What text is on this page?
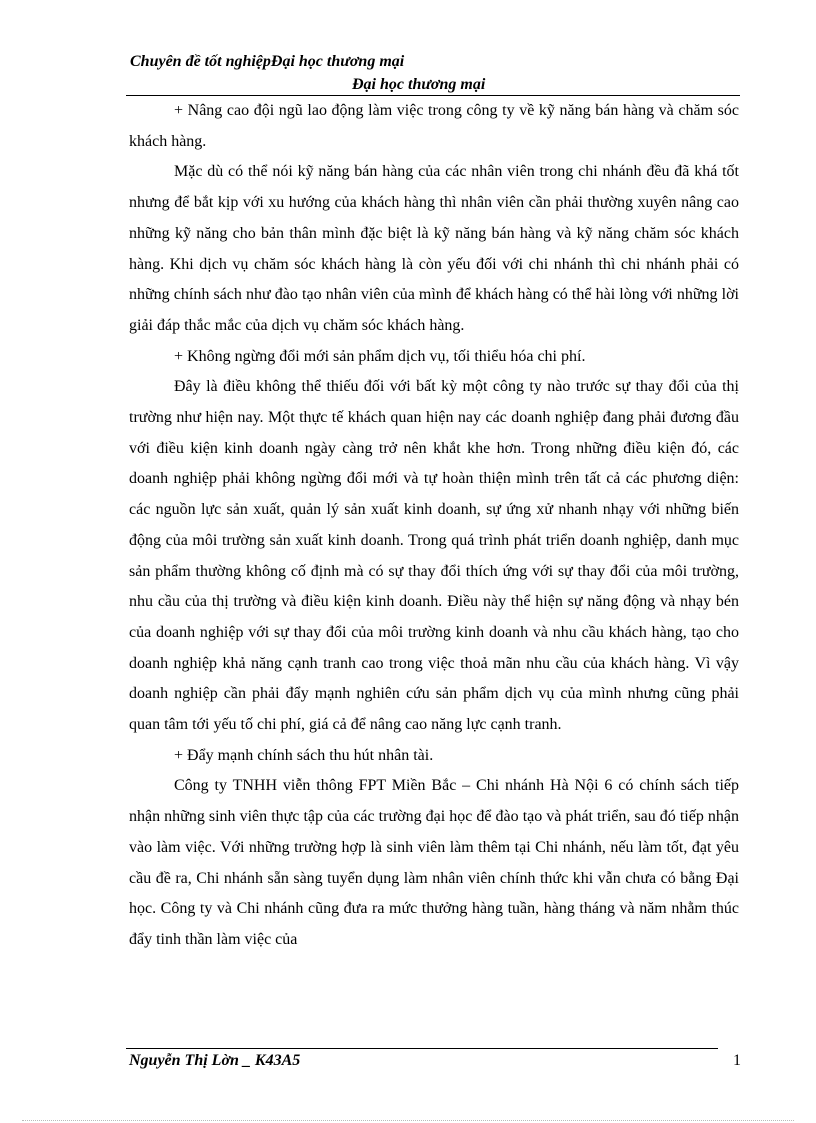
Chuyên đề tốt nghiệpĐại học thương mại
Đại học thương mại

+ Nâng cao đội ngũ lao động làm việc trong công ty về kỹ năng bán hàng và chăm sóc khách hàng.

Mặc dù có thể nói kỹ năng bán hàng của các nhân viên trong chi nhánh đều đã khá tốt nhưng để bắt kịp với xu hướng của khách hàng thì nhân viên cần phải thường xuyên nâng cao những kỹ năng cho bản thân mình đặc biệt là kỹ năng bán hàng và kỹ năng chăm sóc khách hàng. Khi dịch vụ chăm sóc khách hàng là còn yếu đối với chi nhánh thì chi nhánh phải có những chính sách như đào tạo nhân viên của mình để khách hàng có thể hài lòng với những lời giải đáp thắc mắc của dịch vụ chăm sóc khách hàng.

+ Không ngừng đổi mới sản phẩm dịch vụ, tối thiểu hóa chi phí.

Đây là điều không thể thiếu đối với bất kỳ một công ty nào trước sự thay đổi của thị trường như hiện nay. Một thực tế khách quan hiện nay các doanh nghiệp đang phải đương đầu với điều kiện kinh doanh ngày càng trở nên khắt khe hơn. Trong những điều kiện đó, các doanh nghiệp phải không ngừng đổi mới và tự hoàn thiện mình trên tất cả các phương diện: các nguồn lực sản xuất, quản lý sản xuất kinh doanh, sự ứng xử nhanh nhạy với những biến động của môi trường sản xuất kinh doanh. Trong quá trình phát triển doanh nghiệp, danh mục sản phẩm thường không cố định mà có sự thay đổi thích ứng với sự thay đổi của môi trường, nhu cầu của thị trường và điều kiện kinh doanh. Điều này thể hiện sự năng động và nhạy bén của doanh nghiệp với sự thay đổi của môi trường kinh doanh và nhu cầu khách hàng, tạo cho doanh nghiệp khả năng cạnh tranh cao trong việc thoả mãn nhu cầu của khách hàng. Vì vậy doanh nghiệp cần phải đẩy mạnh nghiên cứu sản phẩm dịch vụ của mình nhưng cũng phải quan tâm tới yếu tố chi phí, giá cả để nâng cao năng lực cạnh tranh.

+ Đẩy mạnh chính sách thu hút nhân tài.

Công ty TNHH viễn thông FPT Miền Bắc – Chi nhánh Hà Nội 6 có chính sách tiếp nhận những sinh viên thực tập của các trường đại học để đào tạo và phát triển, sau đó tiếp nhận vào làm việc. Với những trường hợp là sinh viên làm thêm tại Chi nhánh, nếu làm tốt, đạt yêu cầu đề ra, Chi nhánh sẵn sàng tuyển dụng làm nhân viên chính thức khi vẫn chưa có bằng Đại học. Công ty và Chi nhánh cũng đưa ra mức thưởng hàng tuần, hàng tháng và năm nhằm thúc đẩy tinh thần làm việc của

Nguyễn Thị Lờn _ K43A5	1
